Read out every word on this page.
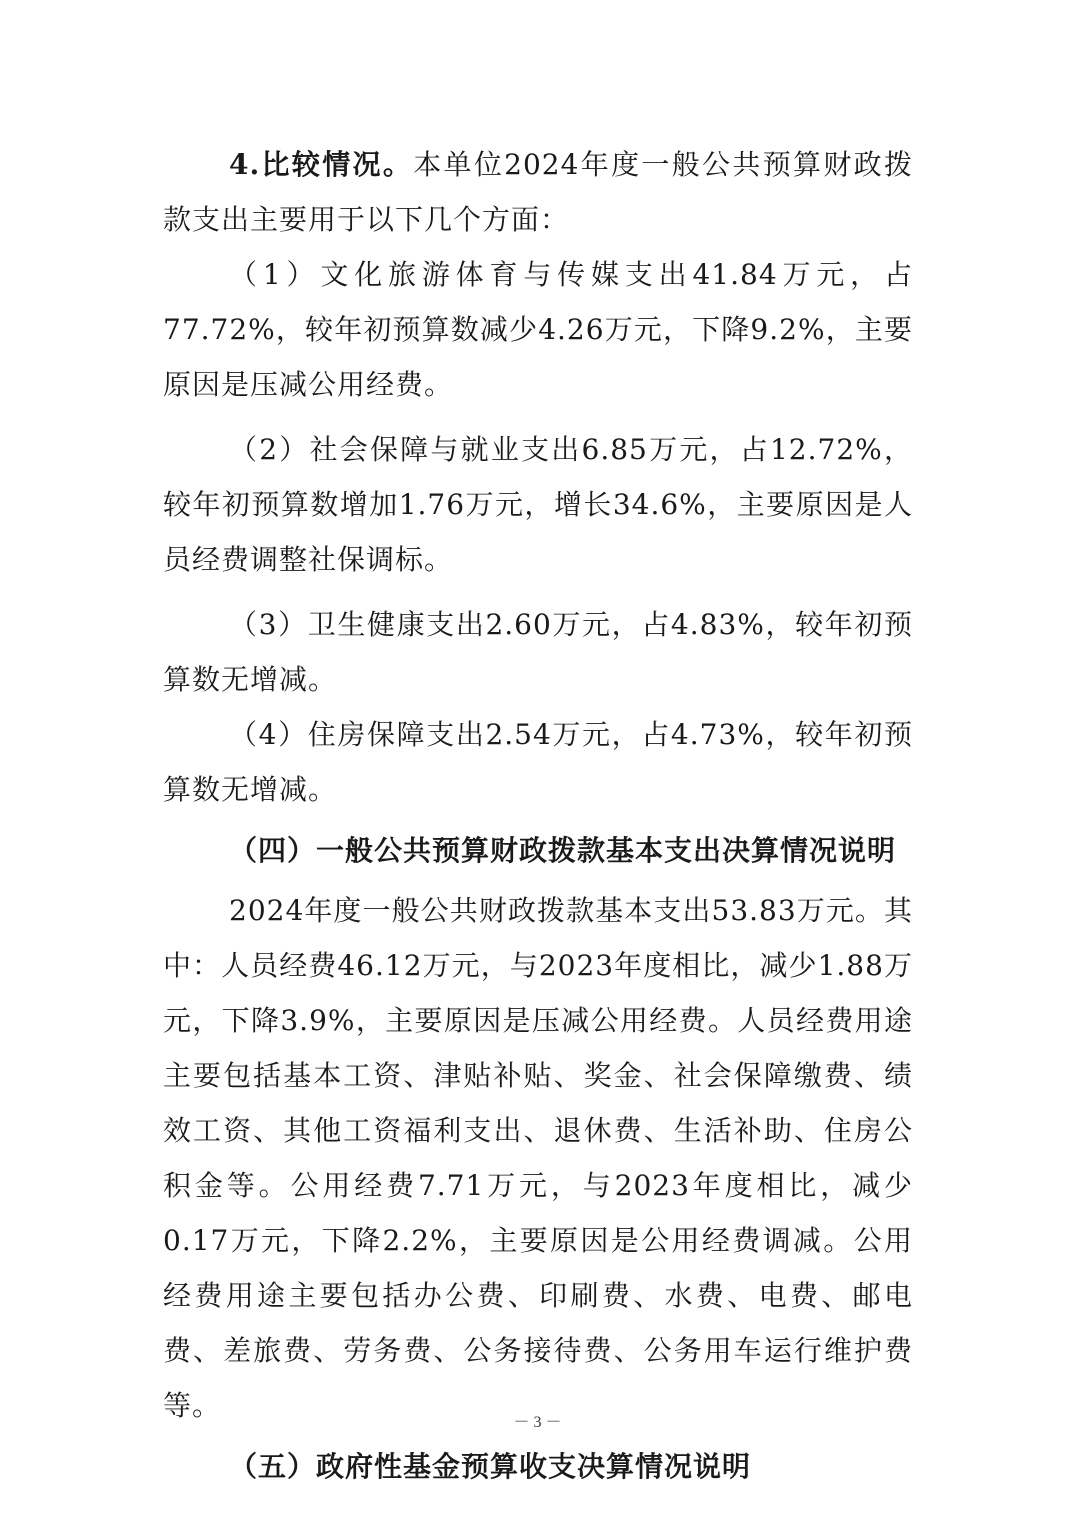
4.比较情况。本单位2024年度一般公共预算财政拨款支出主要用于以下几个方面：

（1）文化旅游体育与传媒支出41.84万元，占77.72%，较年初预算数减少4.26万元，下降9.2%，主要原因是压减公用经费。

（2）社会保障与就业支出6.85万元，占12.72%，较年初预算数增加1.76万元，增长34.6%，主要原因是人员经费调整社保调标。

（3）卫生健康支出2.60万元，占4.83%，较年初预算数无增减。

（4）住房保障支出2.54万元，占4.73%，较年初预算数无增减。

（四）一般公共预算财政拨款基本支出决算情况说明

2024年度一般公共财政拨款基本支出53.83万元。其中：人员经费46.12万元，与2023年度相比，减少1.88万元，下降3.9%，主要原因是压减公用经费。人员经费用途主要包括基本工资、津贴补贴、奖金、社会保障缴费、绩效工资、其他工资福利支出、退休费、生活补助、住房公积金等。公用经费7.71万元，与2023年度相比，减少0.17万元，下降2.2%，主要原因是公用经费调减。公用经费用途主要包括办公费、印刷费、水费、电费、邮电费、差旅费、劳务费、公务接待费、公务用车运行维护费等。

（五）政府性基金预算收支决算情况说明

－ 3 －
